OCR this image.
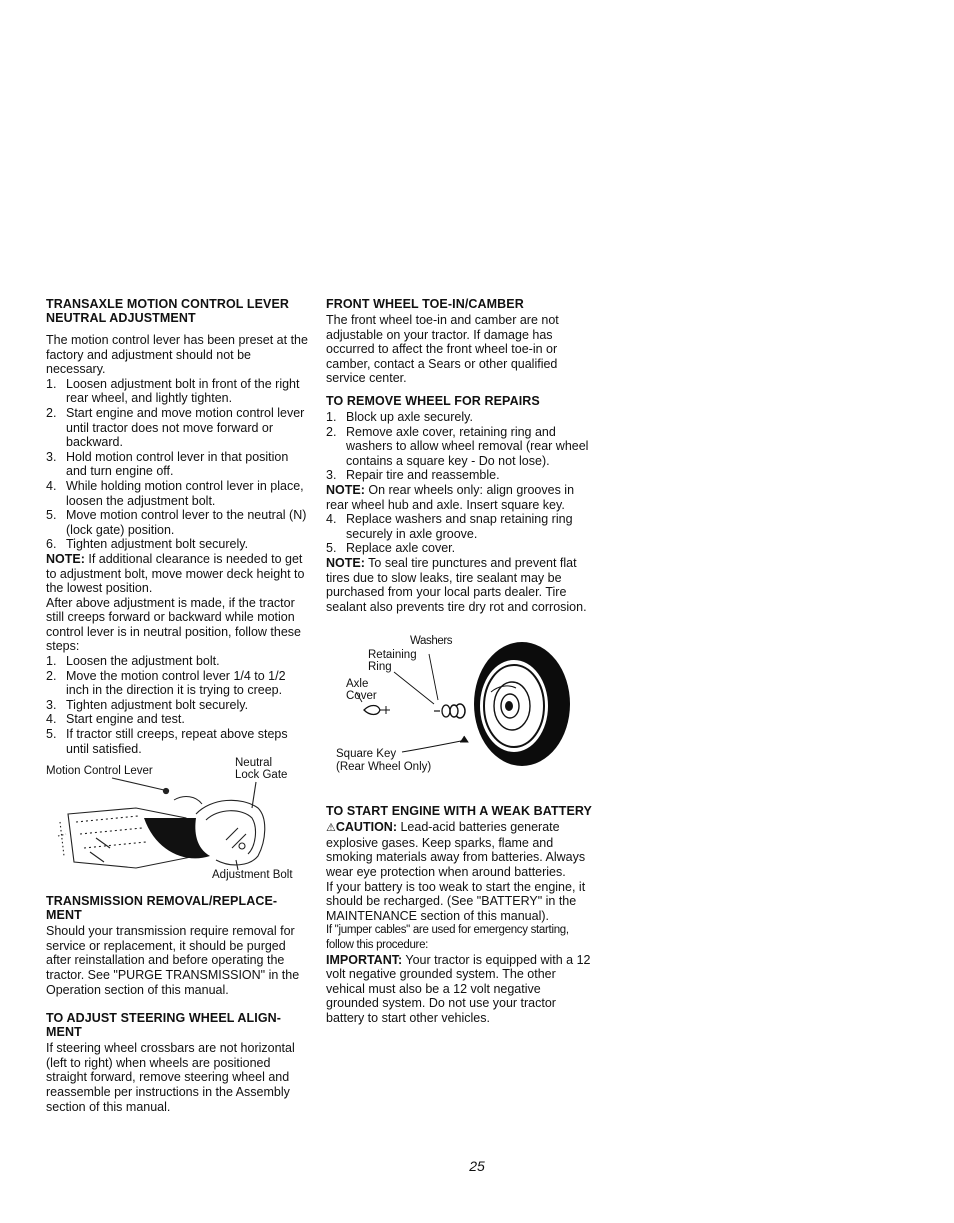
TRANSAXLE MOTION CONTROL LEVER NEUTRAL ADJUSTMENT

The motion control lever has been preset at the factory and adjustment should not be necessary.

1. Loosen adjustment bolt in front of the right rear wheel, and lightly tighten.
2. Start engine and move motion control lever until tractor does not move forward or backward.
3. Hold motion control lever in that position and turn engine off.
4. While holding motion control lever in place, loosen the adjustment bolt.
5. Move motion control lever to the neutral (N) (lock gate) position.
6. Tighten adjustment bolt securely.

NOTE: If additional clearance is needed to get to adjustment bolt, move mower deck height to the lowest position.

After above adjustment is made, if the tractor still creeps forward or backward while motion control lever is in neutral position, follow these steps:

1. Loosen the adjustment bolt.
2. Move the motion control lever 1/4 to 1/2 inch in the direction it is trying to creep.
3. Tighten adjustment bolt securely.
4. Start engine and test.
5. If tractor still creeps, repeat above steps until satisfied.
Motion Control Lever
Neutral
Lock Gate
Adjustment Bolt
TRANSMISSION REMOVAL/REPLACE-MENT

Should your transmission require removal for service or replacement, it should be purged after reinstallation and before operating the tractor. See "PURGE TRANSMISSION" in the Operation section of this manual.

TO ADJUST STEERING WHEEL ALIGN-MENT

If steering wheel crossbars are not horizontal (left to right) when wheels are positioned straight forward, remove steering wheel and reassemble per instructions in the Assembly section of this manual.

FRONT WHEEL TOE-IN/CAMBER

The front wheel toe-in and camber are not adjustable on your tractor. If damage has occurred to affect the front wheel toe-in or camber, contact a Sears or other qualified service center.

TO REMOVE WHEEL FOR REPAIRS
1. Block up axle securely.
2. Remove axle cover, retaining ring and washers to allow wheel removal (rear wheel contains a square key - Do not lose).
3. Repair tire and reassemble.

NOTE: On rear wheels only: align grooves in rear wheel hub and axle. Insert square key.

4. Replace washers and snap retaining ring securely in axle groove.
5. Replace axle cover.

NOTE: To seal tire punctures and prevent flat tires due to slow leaks, tire sealant may be purchased from your local parts dealer. Tire sealant also prevents tire dry rot and corrosion.

Washers
Retaining
Ring
Axle
Cover
Square Key
(Rear Wheel Only)
TO START ENGINE WITH A WEAK BATTERY

⚠CAUTION: Lead-acid batteries generate explosive gases. Keep sparks, flame and smoking materials away from batteries. Always wear eye protection when around batteries.

If your battery is too weak to start the engine, it should be recharged. (See "BATTERY" in the MAINTENANCE section of this manual).

If "jumper cables" are used for emergency starting, follow this procedure:

IMPORTANT: Your tractor is equipped with a 12 volt negative grounded system. The other vehical must also be a 12 volt negative grounded system. Do not use your tractor battery to start other vehicles.

25
